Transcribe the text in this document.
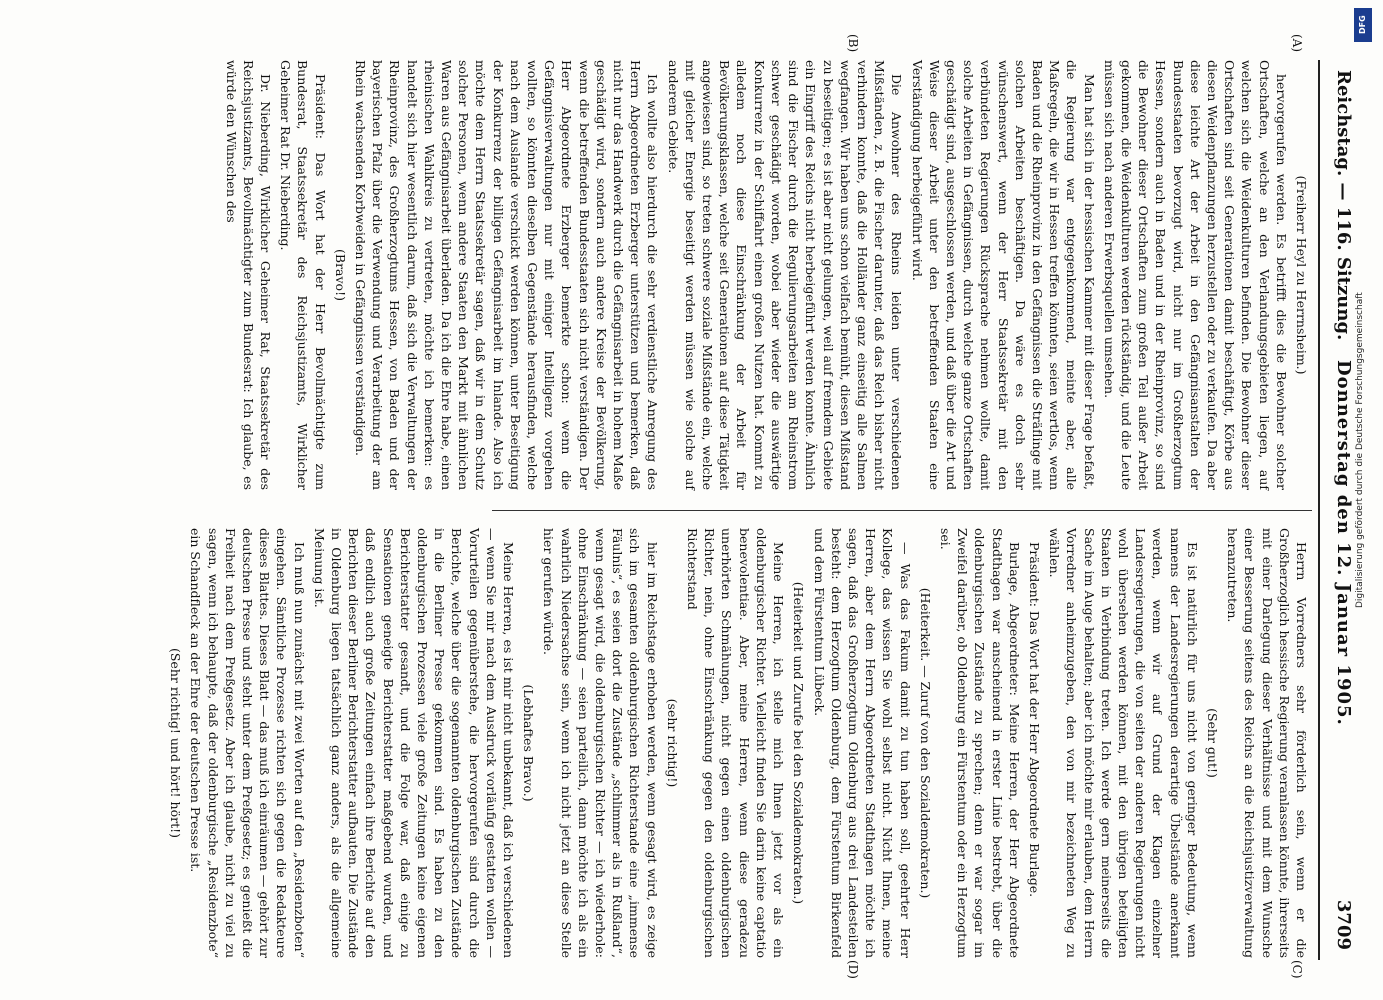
Reichstag. — 116. Sitzung.
Donnerstag den 12. Januar 1905.
3709
(A)
(B)
(C)
(D)

(Freiherr Heyl zu Herrnsheim.)

hervorgerufen werden. Es betrifft dies die Bewohner solcher Ortschaften, welche an den Verlandungsgebieten liegen, auf welchen sich die Weidenkulturen befinden. Die Bewohner dieser Ortschaften sind seit Generationen damit beschäftigt, Körbe aus diesen Weidenpflanzungen herzustellen oder zu verkaufen. Da aber diese leichte Art der Arbeit in den Gefängnisanstalten der Bundesstaaten bevorzugt wird, nicht nur im Großherzogtum Hessen, sondern auch in Baden und in der Rheinprovinz, so sind die Bewohner dieser Ortschaften zum großen Teil außer Arbeit gekommen, die Weidenkulturen werden rückständig, und die Leute müssen sich nach anderen Erwerbsquellen umsehen.

Man hat sich in der hessischen Kammer mit dieser Frage befaßt, die Regierung war entgegenkommend, meinte aber, alle Maßregeln, die wir in Hessen treffen könnten, seien wertlos, wenn Baden und die Rheinprovinz in den Gefängnissen die Sträflinge mit solchen Arbeiten beschäftigen. Da wäre es doch sehr wünschenswert, wenn der Herr Staatssekretär mit den verbündeten Regierungen Rücksprache nehmen wollte, damit solche Arbeiten in Gefängnissen, durch welche ganze Ortschaften geschädigt sind, ausgeschlossen werden, und daß über die Art und Weise dieser Arbeit unter den betreffenden Staaten eine Verständigung herbeigeführt wird.

Die Anwohner des Rheins leiden unter verschiedenen Mißständen, z. B. die Fischer darunter, daß das Reich bisher nicht verhindern konnte, daß die Holländer ganz einseitig alle Salmen wegfangen. Wir haben uns schon vielfach bemüht, diesen Mißstand zu beseitigen; es ist aber nicht gelungen, weil auf fremdem Gebiete ein Eingriff des Reichs nicht herbeigeführt werden konnte. Ähnlich sind die Fischer durch die Regulierungsarbeiten am Rheinstrom schwer geschädigt worden, wobei aber wieder die auswärtige Konkurrenz in der Schiffahrt einen großen Nutzen hat. Kommt zu alledem noch diese Einschränkung der Arbeit für Bevölkerungsklassen, welche seit Generationen auf diese Tätigkeit angewiesen sind, so treten schwere soziale Mißstände ein, welche mit gleicher Energie beseitigt werden müssen wie solche auf anderem Gebiete.

Ich wollte also hierdurch die sehr verdienstliche Anregung des Herrn Abgeordneten Erzberger unterstützen und bemerken, daß nicht nur das Handwerk durch die Gefängnisarbeit in hohem Maße geschädigt wird, sondern auch andere Kreise der Bevölkerung, wenn die betreffenden Bundesstaaten sich nicht verständigen. Der Herr Abgeordnete Erzberger bemerkte schon: wenn die Gefängnisverwaltungen nur mit einiger Intelligenz vorgehen wollten, so könnten dieselben Gegenstände herausfinden, welche nach dem Auslande verschickt werden können, unter Beseitigung der Konkurrenz der billigen Gefängnisarbeit im Inlande. Also ich möchte dem Herrn Staatssekretär sagen, daß wir in dem Schutz solcher Personen, wenn andere Staaten den Markt mit ähnlichen Waren aus Gefängnisarbeit überladen. Da ich die Ehre habe, einen rheinischen Wahlkreis zu vertreten, möchte ich bemerken: es handelt sich hier wesentlich darum, daß sich die Verwaltungen der Rheinprovinz, des Großherzogtums Hessen, von Baden und der bayerischen Pfalz über die Verwendung und Verarbeitung der am Rhein wachsenden Korbweiden in Gefängnissen verständigen.

(Bravo!)

Präsident: Das Wort hat der Herr Bevollmächtigte zum Bundesrat, Staatssekretär des Reichsjustizamts, Wirklicher Geheimer Rat Dr. Nieberding.

Dr. Nieberding, Wirklicher Geheimer Rat, Staatssekretär des Reichsjustizamts, Bevollmächtigter zum Bundesrat: Ich glaube, es würde den Wünschen des

Herrn Vorredners sehr förderlich sein, wenn er die Großherzoglich hessische Regierung veranlassen könnte, ihrerseits mit einer Darlegung dieser Verhältnisse und mit dem Wunsche einer Besserung seitens des Reichs an die Reichsjustizverwaltung heranzutreten.

(Sehr gut!)

Es ist natürlich für uns nicht von geringer Bedeutung, wenn namens der Landesregierungen derartige Übelstände anerkannt werden, wenn wir auf Grund der Klagen einzelner Landesregierungen, die von seiten der anderen Regierungen nicht wohl übersehen werden können, mit den übrigen beteiligten Staaten in Verbindung treten. Ich werde gern meinerseits die Sache im Auge behalten; aber ich möchte mir erlauben, dem Herrn Vorredner anheimzugeben, den von mir bezeichneten Weg zu wählen.

Präsident: Das Wort hat der Herr Abgeordnete Burlage.

Burlage, Abgeordneter: Meine Herren, der Herr Abgeordnete Stadthagen war anscheinend in erster Linie bestrebt, über die oldenburgischen Zustände zu sprechen; denn er war sogar im Zweifel darüber, ob Oldenburg ein Fürstentum oder ein Herzogtum sei.

(Heiterkeit. — Zuruf von den Sozialdemokraten.)

— Was das Fakum damit zu tun haben soll, geehrter Herr Kollege, das wissen Sie wohl selbst nicht. Nicht Ihnen, meine Herren, aber dem Herrn Abgeordneten Stadthagen möchte ich sagen, daß das Großherzogtum Oldenburg aus drei Landesteilen besteht: dem Herzogtum Oldenburg, dem Fürstentum Birkenfeld und dem Fürstentum Lübeck.

(Heiterkeit und Zurufe bei den Sozialdemokraten.)

Meine Herren, ich stelle mich Ihnen jetzt vor als ein oldenburgischer Richter. Vielleicht finden Sie darin keine captatio benevolentiae. Aber, meine Herren, wenn diese geradezu unerhörten Schmähungen, nicht gegen einen oldenburgischen Richter, nein, ohne Einschränkung gegen den oldenburgischen Richterstand

(sehr richtig!)

hier im Reichstage erhoben werden, wenn gesagt wird, es zeige sich im gesamten oldenburgischen Richterstande eine „immense Fäulnis“, es seien dort die Zustände „schlimmer als in Rußland“, wenn gesagt wird, die oldenburgischen Richter — ich wiederhole: ohne Einschränkung — seien parteilich, dann möchte ich als ein wahrlich Niedersachse sein, wenn ich nicht jetzt an diese Stelle hier gerufen würde.

(Lebhaftes Bravo.)

Meine Herren, es ist mir nicht unbekannt, daß ich verschiedenen — wenn Sie mir nach dem Ausdruck vorläufig gestatten wollen — Vorurteilen gegenüberstehe, die hervorgerufen sind durch die Berichte, welche über die sogenannten oldenburgischen Zustände in die Berliner Presse gekommen sind. Es haben zu den oldenburgischen Prozessen viele große Zeitungen keine eigenen Berichterstatter gesandt, und die Folge war, daß einige zu Sensationen geneigte Berichterstatter maßgebend wurden, und daß endlich auch große Zeitungen einfach ihre Berichte auf den Berichten dieser Berliner Berichterstatter aufbauten. Die Zustände in Oldenburg liegen tatsächlich ganz anders, als die allgemeine Meinung ist.

Ich muß nun zunächst mit zwei Worten auf den „Residenzboten“ eingehen. Sämtliche Prozesse richten sich gegen die Redakteure dieses Blattes. Dieses Blatt — das muß ich einräumen — gehört zur deutschen Presse und steht unter dem Preßgesetz; es genießt die Freiheit nach dem Preßgesetz. Aber ich glaube, nicht zu viel zu sagen, wenn ich behaupte, daß der oldenburgische „Residenzbote“ ein Schandfleck an der Ehre der deutschen Presse ist.

(Sehr richtig! und hört! hört!)

DFG
Digitalisierung gefördert durch die Deutsche Forschungsgemeinschaft
